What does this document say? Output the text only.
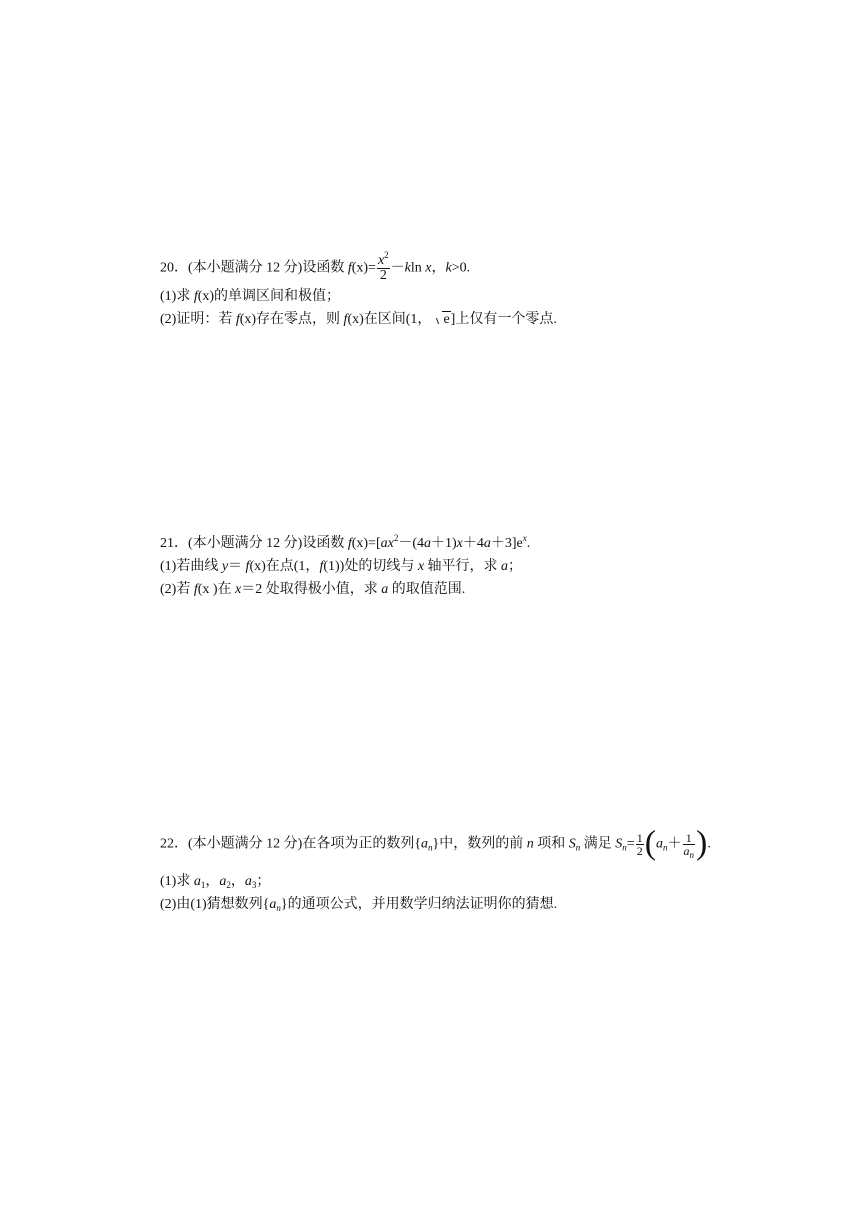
20．(本小题满分 12 分)设函数 $f(x)= \frac{x^2}{2} -kln$ x，k>0.
(1)求 f(x)的单调区间和极值；
(2)证明：若 f(x)存在零点，则 f(x)在区间(1， e]上仅有一个零点.
21．(本小题满分 12 分)设函数 $f(x)=[ax^2-(4a+1)x+4a+3]e^x$.
(1)若曲线 y＝ f(x)在点(1，f(1))处的切线与 x 轴平行，求 a；
(2)若 f(x )在 x＝2 处取得极小值，求 a 的取值范围.
22．(本小题满分 12 分)在各项为正的数列$\{a_n\}$中，数列的前 n 项和 $S_n$ 满足 $S_n= \frac{1}{2} (a_n+ \frac{1}{a_n}$ ).
(1)求 $a_1$，$a_2$，$a_3$；
(2)由(1)猜想数列$\{a_n\}$的通项公式，并用数学归纳法证明你的猜想.
